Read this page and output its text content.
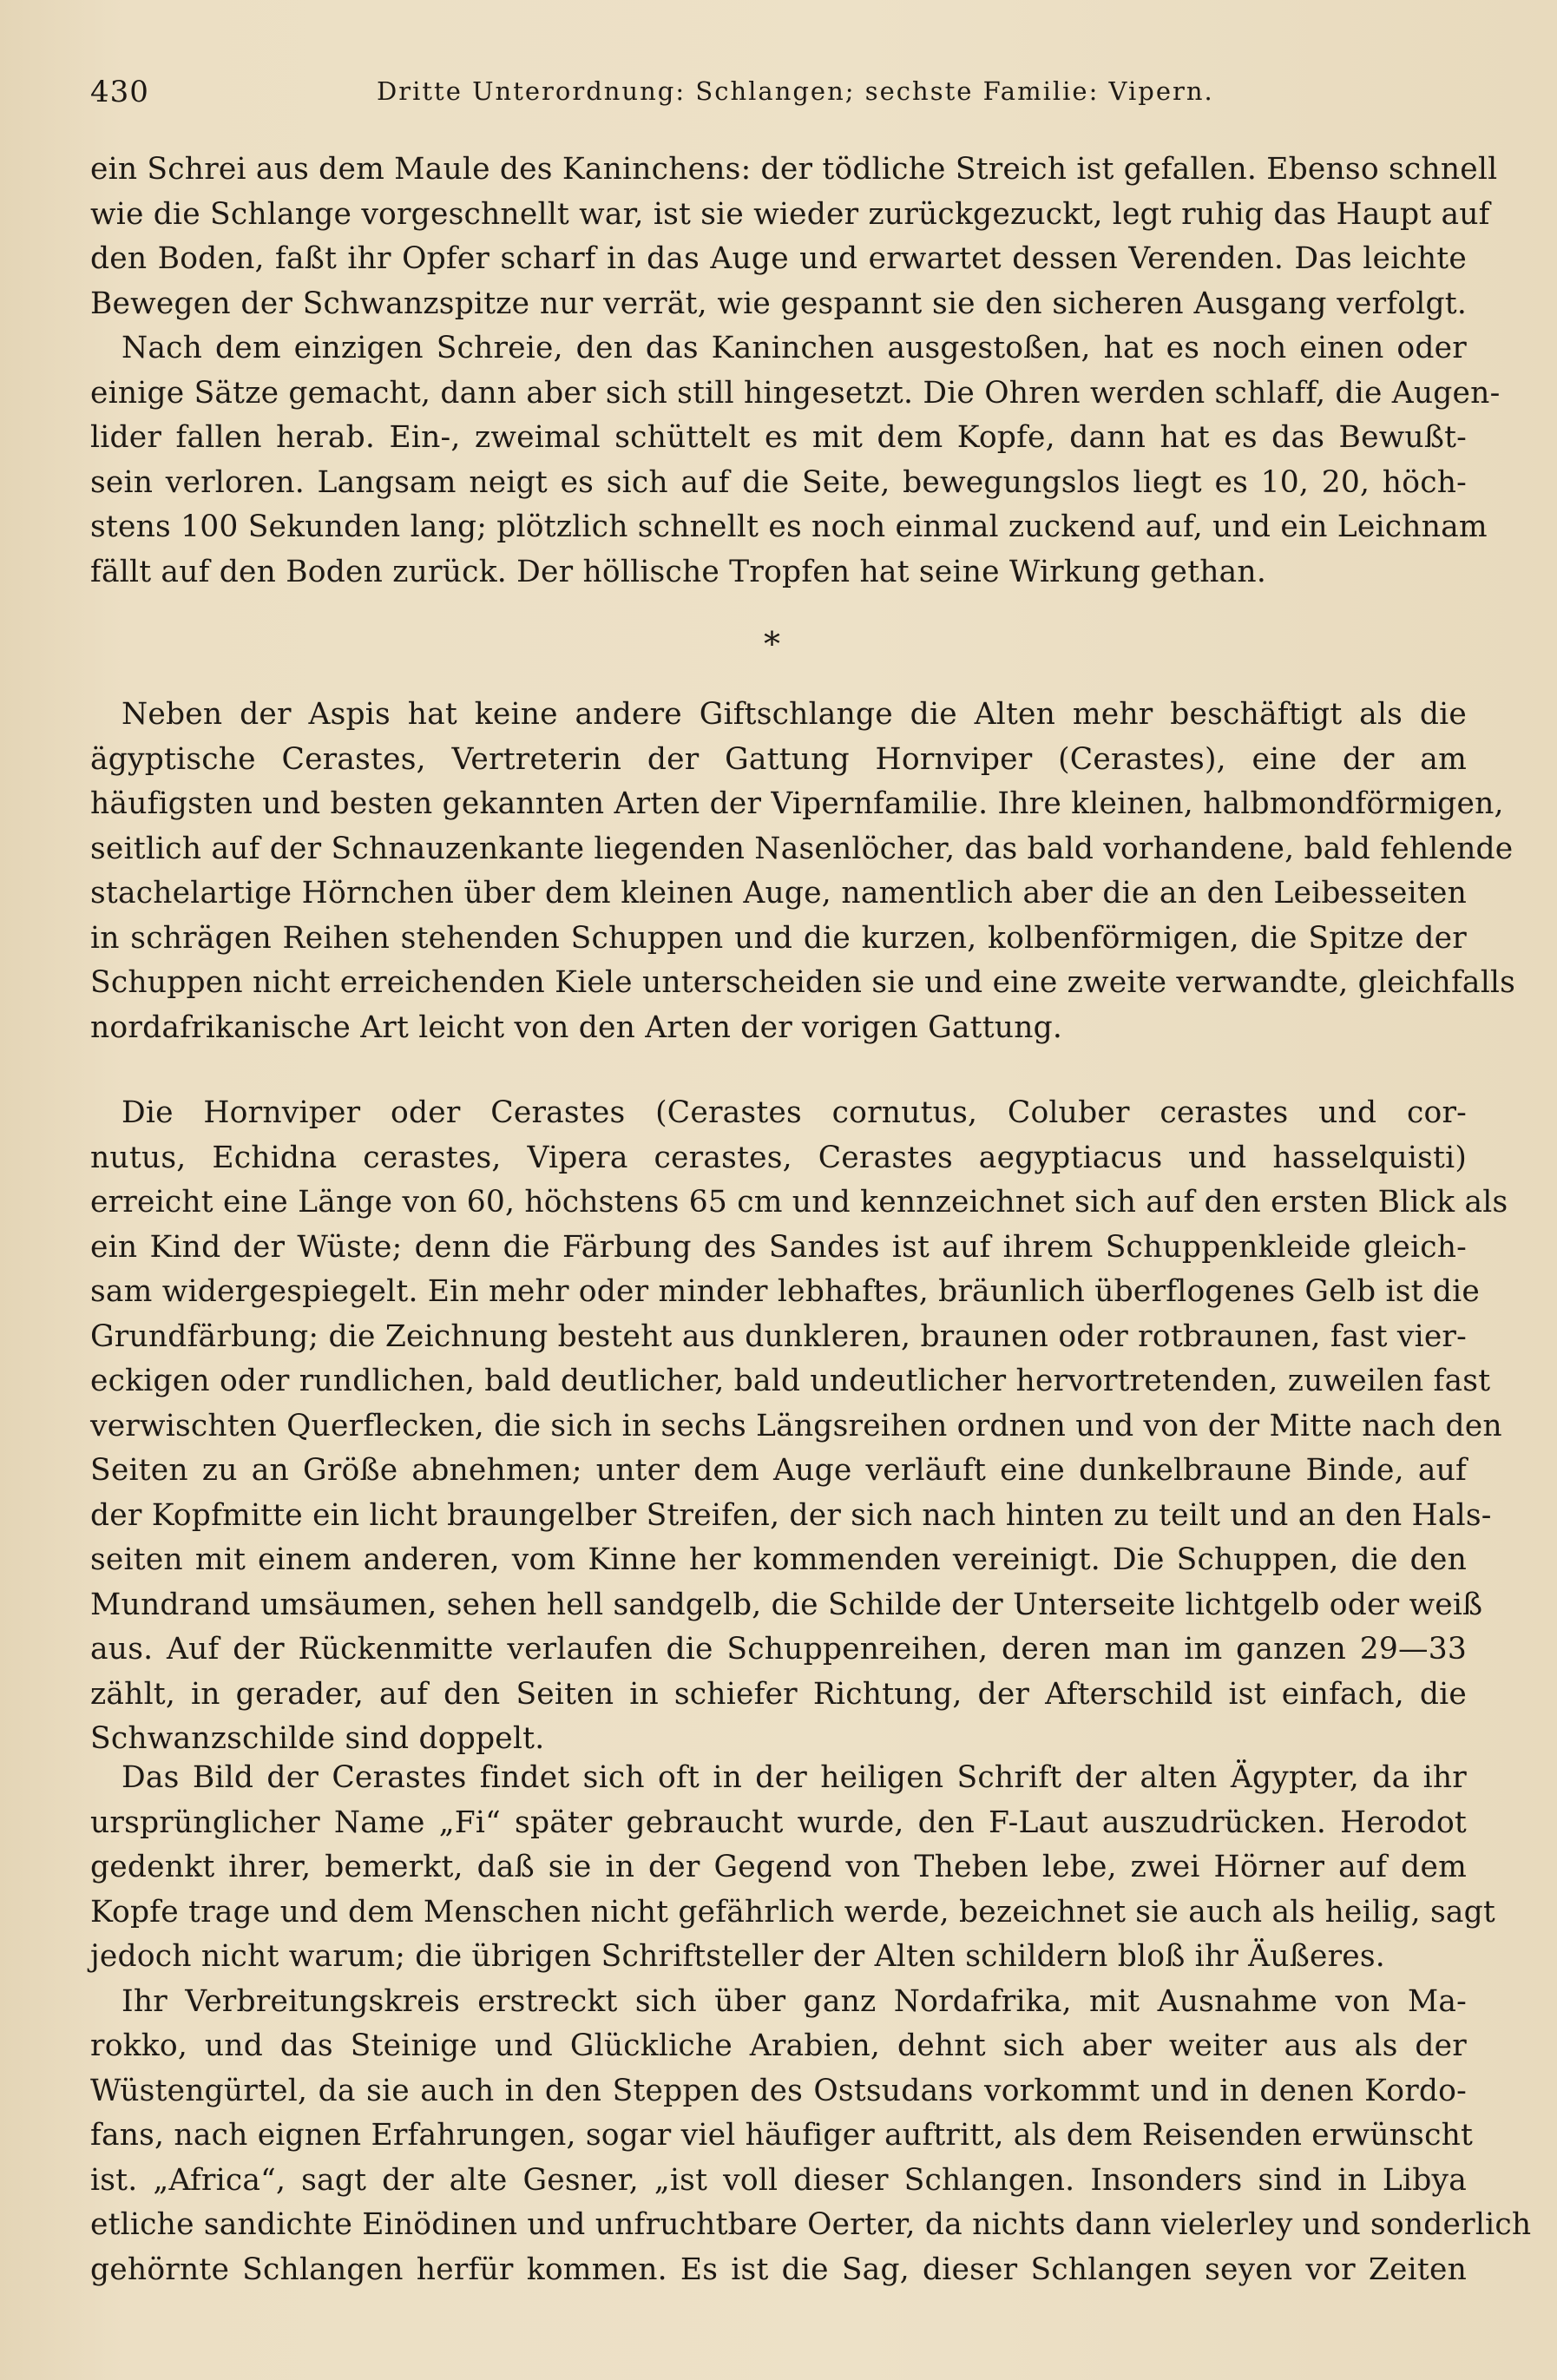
430	Dritte Unterordnung: Schlangen; sechste Familie: Vipern.
ein Schrei aus dem Maule des Kaninchens: der tödliche Streich ist gefallen. Ebenso schnell
wie die Schlange vorgeschnellt war, ist sie wieder zurückgezuckt, legt ruhig das Haupt auf
den Boden, faßt ihr Opfer scharf in das Auge und erwartet dessen Verenden. Das leichte
Bewegen der Schwanzspitze nur verrät, wie gespannt sie den sicheren Ausgang verfolgt.
Nach dem einzigen Schreie, den das Kaninchen ausgestoßen, hat es noch einen oder
einige Sätze gemacht, dann aber sich still hingesetzt. Die Ohren werden schlaff, die Augen-
lider fallen herab. Ein-, zweimal schüttelt es mit dem Kopfe, dann hat es das Bewußt-
sein verloren. Langsam neigt es sich auf die Seite, bewegungslos liegt es 10, 20, höch-
stens 100 Sekunden lang; plötzlich schnellt es noch einmal zuckend auf, und ein Leichnam
fällt auf den Boden zurück. Der höllische Tropfen hat seine Wirkung gethan.
*
Neben der Aspis hat keine andere Giftschlange die Alten mehr beschäftigt als die
ägyptische Cerastes, Vertreterin der Gattung Hornviper (Cerastes), eine der am
häufigsten und besten gekannten Arten der Vipernfamilie. Ihre kleinen, halbmondförmigen,
seitlich auf der Schnauzenkante liegenden Nasenlöcher, das bald vorhandene, bald fehlende
stachelartige Hörnchen über dem kleinen Auge, namentlich aber die an den Leibesseiten
in schrägen Reihen stehenden Schuppen und die kurzen, kolbenförmigen, die Spitze der
Schuppen nicht erreichenden Kiele unterscheiden sie und eine zweite verwandte, gleichfalls
nordafrikanische Art leicht von den Arten der vorigen Gattung.
Die Hornviper oder Cerastes (Cerastes cornutus, Coluber cerastes und cor-
nutus, Echidna cerastes, Vipera cerastes, Cerastes aegyptiacus und hasselquisti)
erreicht eine Länge von 60, höchstens 65 cm und kennzeichnet sich auf den ersten Blick als
ein Kind der Wüste; denn die Färbung des Sandes ist auf ihrem Schuppenkleide gleich-
sam widergespiegelt. Ein mehr oder minder lebhaftes, bräunlich überflogenes Gelb ist die
Grundfärbung; die Zeichnung besteht aus dunkleren, braunen oder rotbraunen, fast vier-
eckigen oder rundlichen, bald deutlicher, bald undeutlicher hervortretenden, zuweilen fast
verwischten Querflecken, die sich in sechs Längsreihen ordnen und von der Mitte nach den
Seiten zu an Größe abnehmen; unter dem Auge verläuft eine dunkelbraune Binde, auf
der Kopfmitte ein licht braungelber Streifen, der sich nach hinten zu teilt und an den Hals-
seiten mit einem anderen, vom Kinne her kommenden vereinigt. Die Schuppen, die den
Mundrand umsäumen, sehen hell sandgelb, die Schilde der Unterseite lichtgelb oder weiß
aus. Auf der Rückenmitte verlaufen die Schuppenreihen, deren man im ganzen 29—33
zählt, in gerader, auf den Seiten in schiefer Richtung, der Afterschild ist einfach, die
Schwanzschilde sind doppelt.
Das Bild der Cerastes findet sich oft in der heiligen Schrift der alten Ägypter, da ihr
ursprünglicher Name „Fi“ später gebraucht wurde, den F-Laut auszudrücken. Herodot
gedenkt ihrer, bemerkt, daß sie in der Gegend von Theben lebe, zwei Hörner auf dem
Kopfe trage und dem Menschen nicht gefährlich werde, bezeichnet sie auch als heilig, sagt
jedoch nicht warum; die übrigen Schriftsteller der Alten schildern bloß ihr Äußeres.
Ihr Verbreitungskreis erstreckt sich über ganz Nordafrika, mit Ausnahme von Ma-
rokko, und das Steinige und Glückliche Arabien, dehnt sich aber weiter aus als der
Wüstengürtel, da sie auch in den Steppen des Ostsudans vorkommt und in denen Kordo-
fans, nach eignen Erfahrungen, sogar viel häufiger auftritt, als dem Reisenden erwünscht
ist. „Africa“, sagt der alte Gesner, „ist voll dieser Schlangen. Insonders sind in Libya
etliche sandichte Einödinen und unfruchtbare Oerter, da nichts dann vielerley und sonderlich
gehörnte Schlangen herfür kommen. Es ist die Sag, dieser Schlangen seyen vor Zeiten
